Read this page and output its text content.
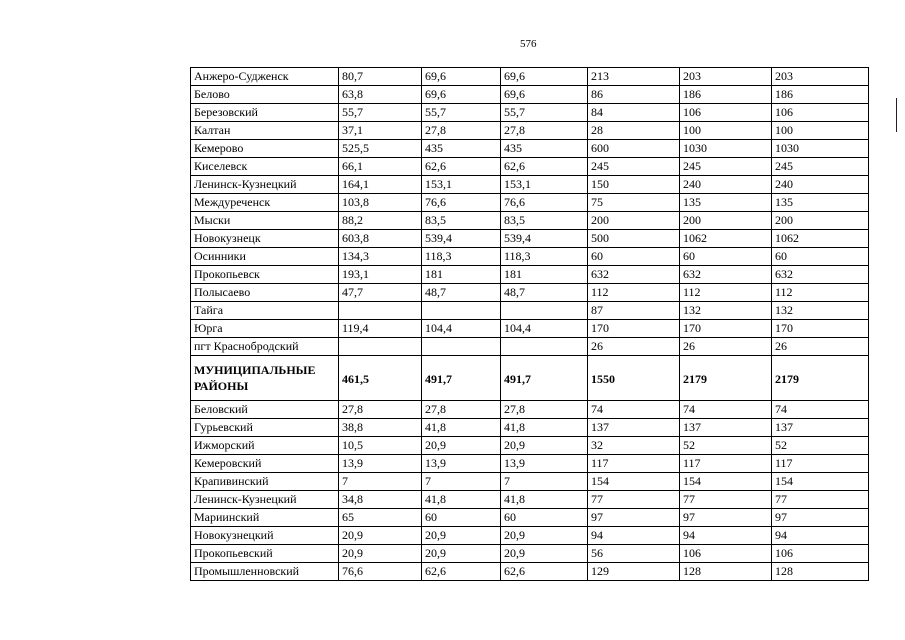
576
Анжеро-Судженск	80,7	69,6	69,6	213	203	203
Белово	63,8	69,6	69,6	86	186	186
Березовский	55,7	55,7	55,7	84	106	106
Калтан	37,1	27,8	27,8	28	100	100
Кемерово	525,5	435	435	600	1030	1030
Киселевск	66,1	62,6	62,6	245	245	245
Ленинск-Кузнецкий	164,1	153,1	153,1	150	240	240
Междуреченск	103,8	76,6	76,6	75	135	135
Мыски	88,2	83,5	83,5	200	200	200
Новокузнецк	603,8	539,4	539,4	500	1062	1062
Осинники	134,3	118,3	118,3	60	60	60
Прокопьевск	193,1	181	181	632	632	632
Полысаево	47,7	48,7	48,7	112	112	112
Тайга				87	132	132
Юрга	119,4	104,4	104,4	170	170	170
пгт Краснобродский				26	26	26
МУНИЦИПАЛЬНЫЕ РАЙОНЫ	461,5	491,7	491,7	1550	2179	2179
Беловский	27,8	27,8	27,8	74	74	74
Гурьевский	38,8	41,8	41,8	137	137	137
Ижморский	10,5	20,9	20,9	32	52	52
Кемеровский	13,9	13,9	13,9	117	117	117
Крапивинский	7	7	7	154	154	154
Ленинск-Кузнецкий	34,8	41,8	41,8	77	77	77
Мариинский	65	60	60	97	97	97
Новокузнецкий	20,9	20,9	20,9	94	94	94
Прокопьевский	20,9	20,9	20,9	56	106	106
Промышленновский	76,6	62,6	62,6	129	128	128
